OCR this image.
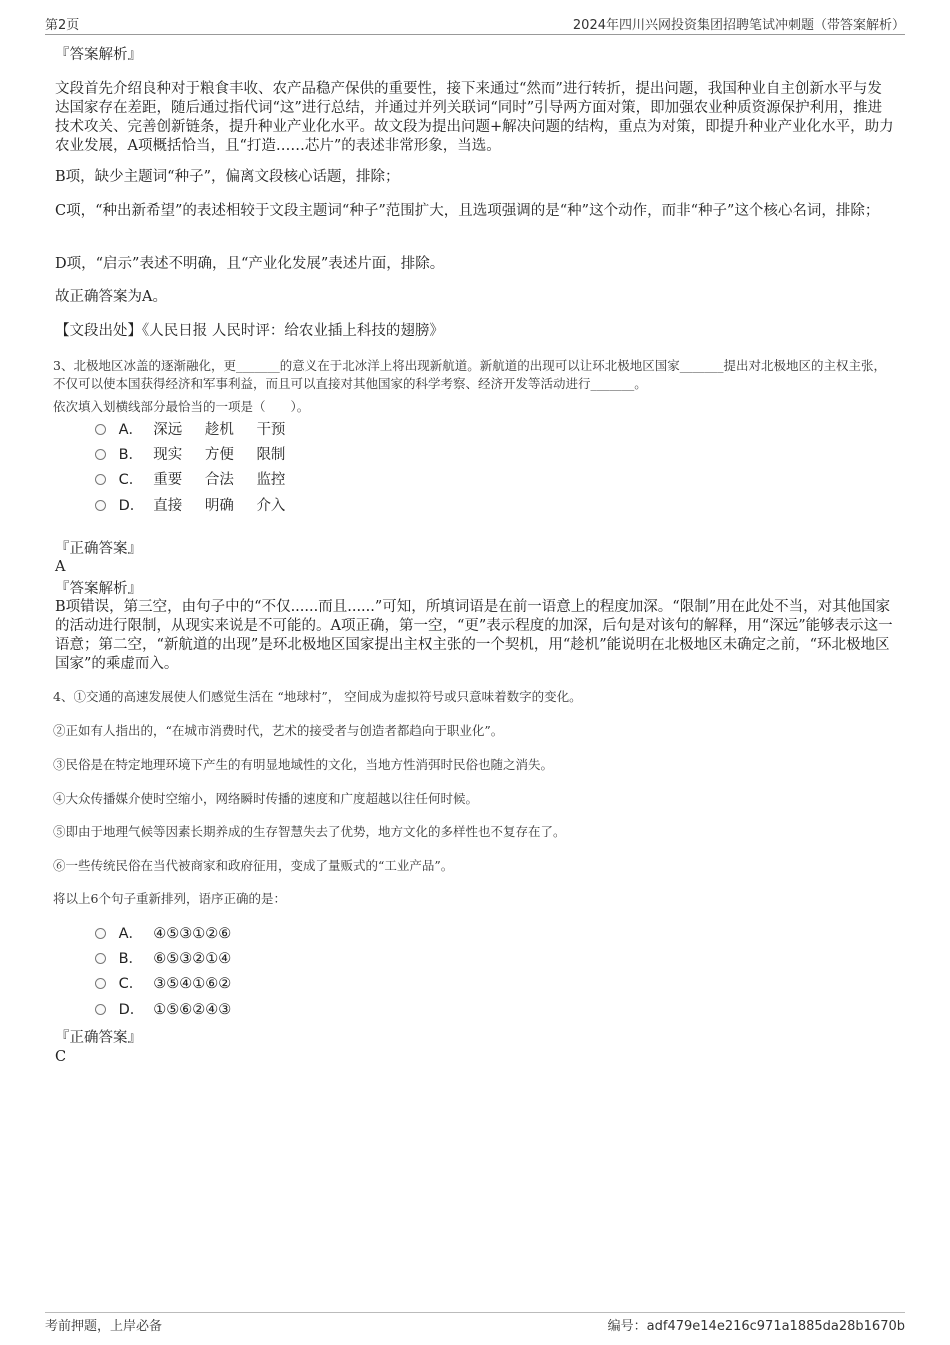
第2页	2024年四川兴网投资集团招聘笔试冲刺题（带答案解析）
『答案解析』
文段首先介绍良种对于粮食丰收、农产品稳产保供的重要性，接下来通过“然而”进行转折，提出问题，我国种业自主创新水平与发达国家存在差距，随后通过指代词“这”进行总结，并通过并列关联词“同时”引导两方面对策，即加强农业种质资源保护利用，推进技术攻关、完善创新链条，提升种业产业化水平。故文段为提出问题+解决问题的结构，重点为对策，即提升种业产业化水平，助力农业发展，A项概括恰当，且“打造……芯片”的表述非常形象，当选。
B项，缺少主题词“种子”，偏离文段核心话题，排除；
C项，“种出新希望”的表述相较于文段主题词“种子”范围扩大，且选项强调的是“种”这个动作，而非“种子”这个核心名词，排除；
D项，“启示”表述不明确，且“产业化发展”表述片面，排除。
故正确答案为A。
【文段出处】《人民日报 人民时评：给农业插上科技的翅膀》
3、北极地区冰盖的逐渐融化，更_______的意义在于北冰洋上将出现新航道。新航道的出现可以让环北极地区国家_______提出对北极地区的主权主张，不仅可以使本国获得经济和军事利益，而且可以直接对其他国家的科学考察、经济开发等活动进行_______。
依次填入划横线部分最恰当的一项是（　　）。
A． 深远 趁机 干预
B． 现实 方便 限制
C． 重要 合法 监控
D． 直接 明确 介入
『正确答案』
A
『答案解析』
B项错误，第三空，由句子中的“不仅......而且......”可知，所填词语是在前一语意上的程度加深。“限制”用在此处不当，对其他国家的活动进行限制，从现实来说是不可能的。A项正确，第一空，“更”表示程度的加深，后句是对该句的解释，用“深远”能够表示这一语意；第二空，“新航道的出现”是环北极地区国家提出主权主张的一个契机，用“趁机”能说明在北极地区未确定之前，“环北极地区国家”的乘虚而入。
4、①交通的高速发展使人们感觉生活在 “地球村”， 空间成为虚拟符号或只意味着数字的变化。
②正如有人指出的，“在城市消费时代，艺术的接受者与创造者都趋向于职业化”。
③民俗是在特定地理环境下产生的有明显地域性的文化，当地方性消弭时民俗也随之消失。
④大众传播媒介使时空缩小，网络瞬时传播的速度和广度超越以往任何时候。
⑤即由于地理气候等因素长期养成的生存智慧失去了优势，地方文化的多样性也不复存在了。
⑥一些传统民俗在当代被商家和政府征用，变成了量贩式的“工业产品”。
将以上6个句子重新排列，语序正确的是：
A． ④⑤③①②⑥
B． ⑥⑤③②①④
C． ③⑤④①⑥②
D． ①⑤⑥②④③
『正确答案』
C
考前押题，上岸必备	编号：adf479e14e216c971a1885da28b1670b
